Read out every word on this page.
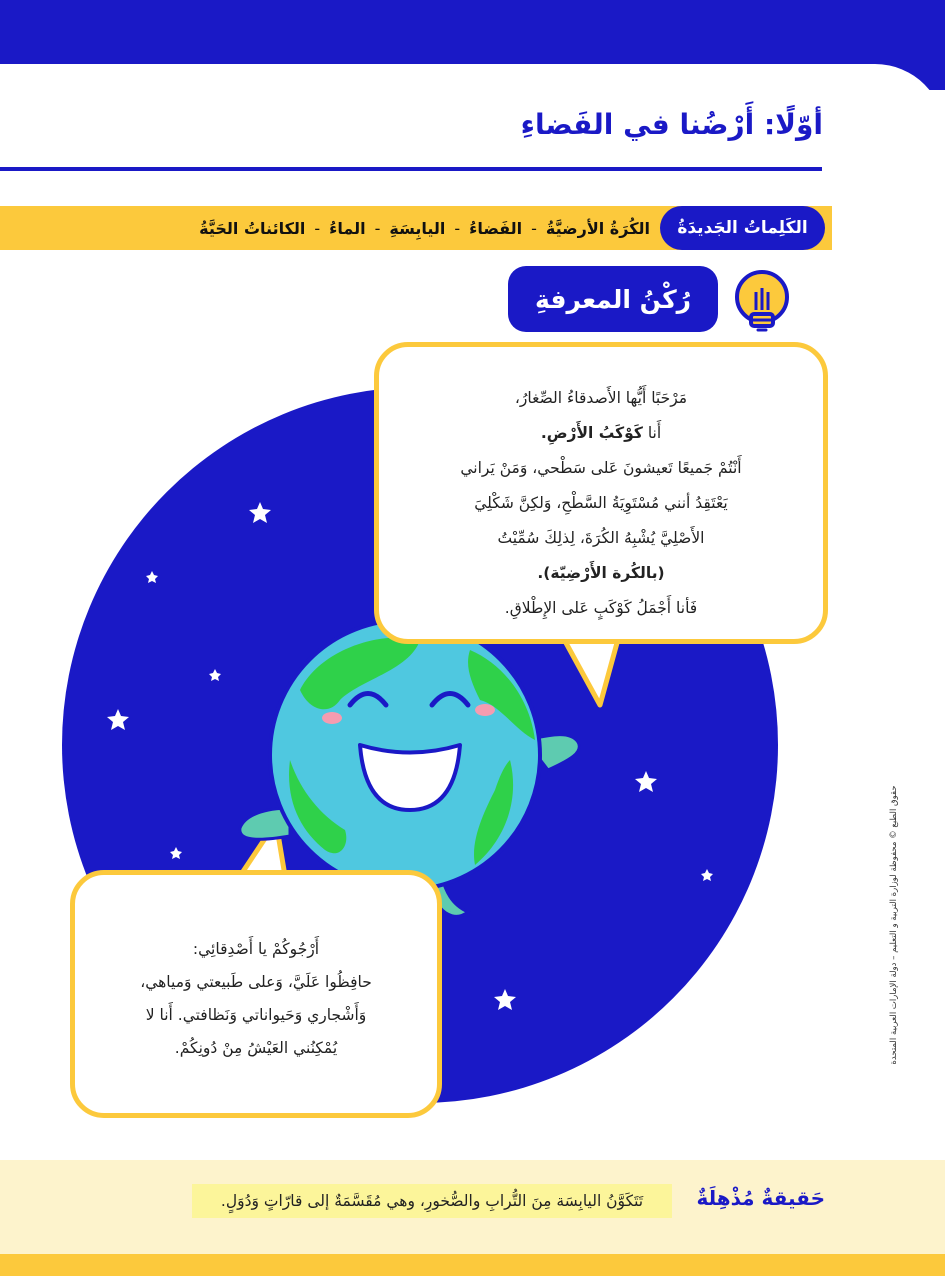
أوّلًا: أَرْضُنا في الفَضاءِ
الكَلِماتُ الجَديدَةُ
الكُرَةُ الأرضيَّةُ
-
الفَضاءُ
-
اليابِسَةِ
-
الماءُ
-
الكائناتُ الحَيَّةُ
رُكْنُ المعرفةِ

مَرْحَبًا أَيُّها الأَصدقاءُ الصِّغارُ،

أَنا كَوْكَبُ الأَرْضِ.

أَنْتُمْ جَميعًا تَعيشونَ عَلى سَطْحي، وَمَنْ يَراني

يَعْتَقِدُ أنني مُسْتَوِيَةُ السَّطْحِ، وَلكِنَّ شَكْلِيَ

الأَصْلِيَّ يُشْبِهُ الكُرَةَ، لِذلِكَ سُمِّيْتُ

(بالكُرة الأَرْضِيّة).

فَأنا أَجْمَلُ كَوْكَبٍ عَلى الإِطْلاقِ.

أَرْجُوكُمْ يا أَصْدِقائِي:

حافِظُوا عَلَيَّ، وَعلى طَبيعتي وَمياهي،

وَأَشْجاري وَحَيواناتي وَنَظافتي. أَنا لا

يُمْكِنُني العَيْشُ مِنْ دُونِكُمْ.	حقوق الطبع © محفوظة لوزارة التربية و التعليم – دولة الإمارات العربية المتحدة
حَقيقةٌ مُذْهِلَةٌ
تَتَكَوَّنُ اليابِسَة مِنَ التُّرابِ والصُّخورِ، وهي مُقَسَّمَةٌ إلى قارّاتٍ وَدُوَلٍ.
